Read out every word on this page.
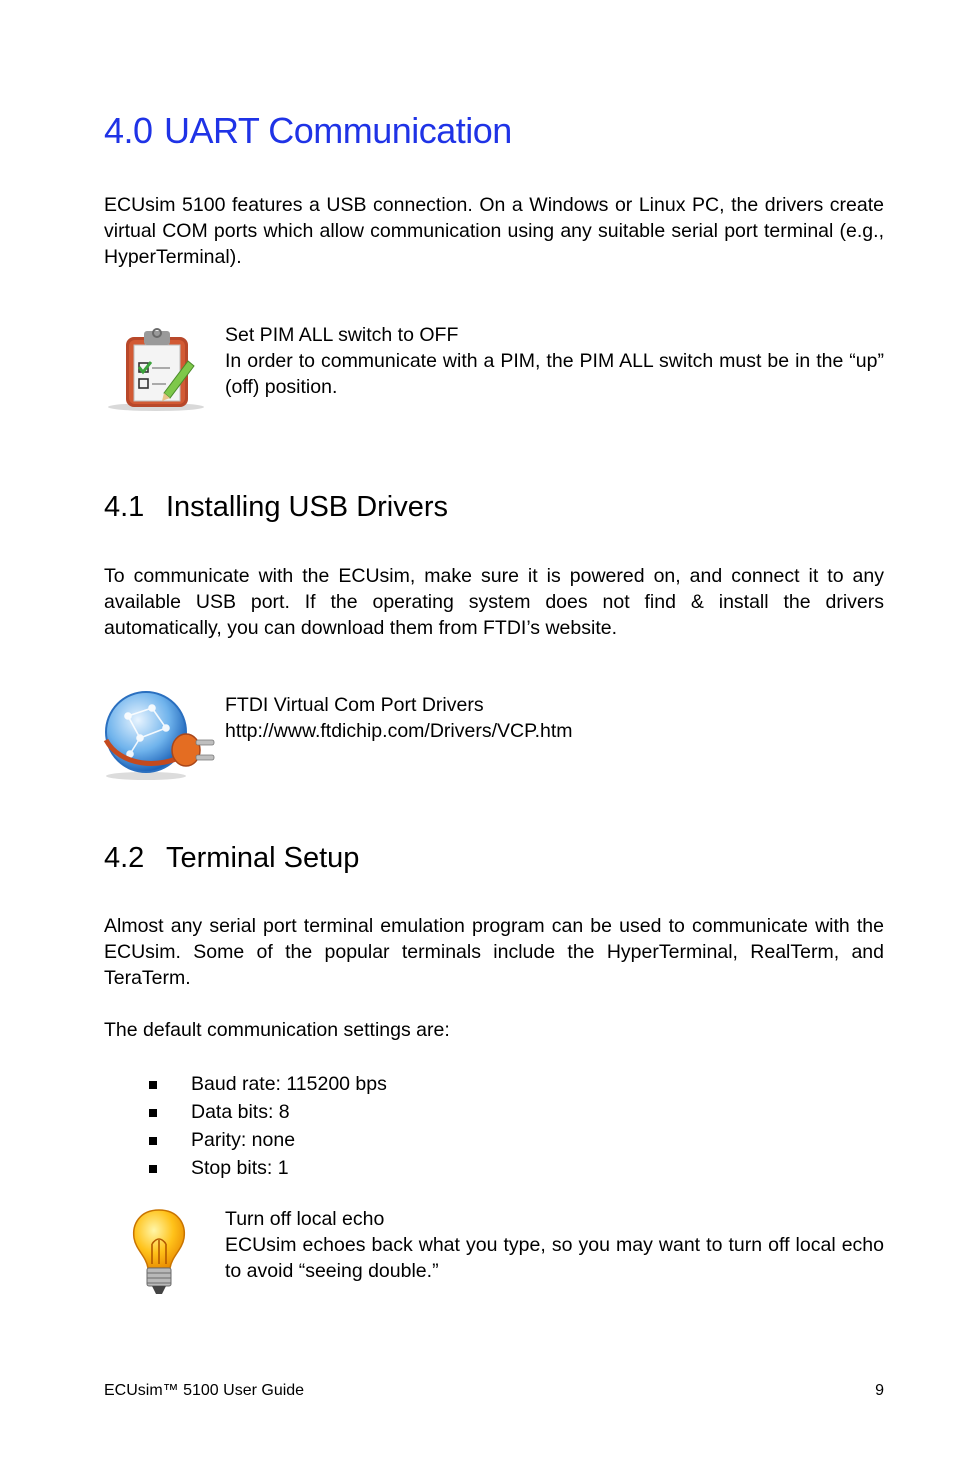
4.0 UART Communication

ECUsim 5100 features a USB connection. On a Windows or Linux PC, the drivers create virtual COM ports which allow communication using any suitable serial port terminal (e.g., HyperTerminal).

Set PIM ALL switch to OFF
In order to communicate with a PIM, the PIM ALL switch must be in the “up” (off) position.
4.1 Installing USB Drivers

To communicate with the ECUsim, make sure it is powered on, and connect it to any available USB port. If the operating system does not find & install the drivers automatically, you can download them from FTDI’s website.

FTDI Virtual Com Port Drivers
http://www.ftdichip.com/Drivers/VCP.htm
4.2 Terminal Setup

Almost any serial port terminal emulation program can be used to communicate with the ECUsim. Some of the popular terminals include the HyperTerminal, RealTerm, and TeraTerm.

The default communication settings are:

Baud rate: 115200 bps
Data bits: 8
Parity: none
Stop bits: 1
Turn off local echo
ECUsim echoes back what you type, so you may want to turn off local echo to avoid “seeing double.”
ECUsim™ 5100 User Guide	9
